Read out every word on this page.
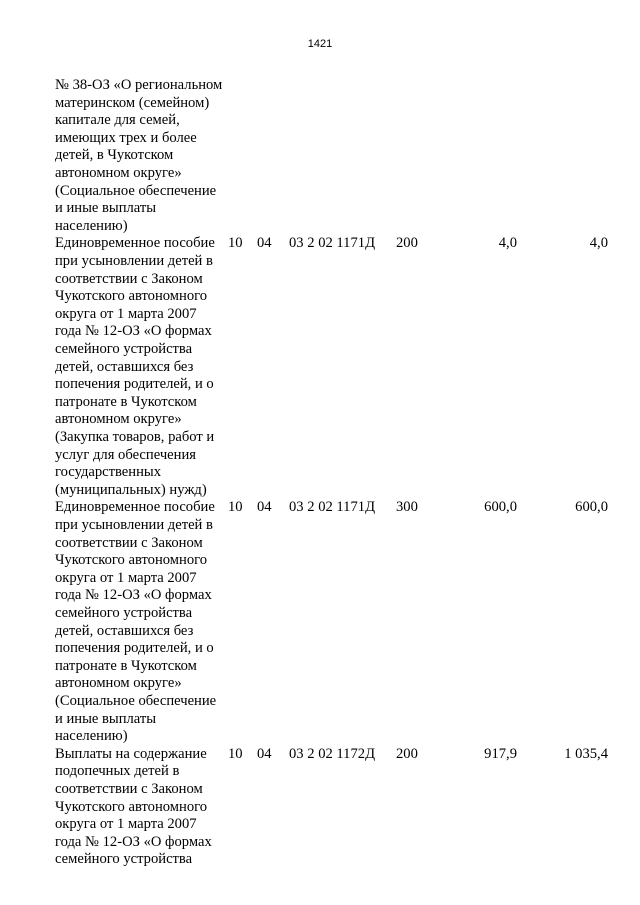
1421
№ 38-ОЗ «О региональном
материнском (семейном)
капитале для семей,
имеющих трех и более
детей, в Чукотском
автономном округе»
(Социальное обеспечение
и иные выплаты
населению)
Единовременное пособие
при усыновлении детей в
соответствии с Законом
Чукотского автономного
округа от 1 марта 2007
года № 12-ОЗ «О формах
семейного устройства
детей, оставшихся без
попечения родителей, и о
патронате в Чукотском
автономном округе»
(Закупка товаров, работ и
услуг для обеспечения
государственных
(муниципальных) нужд)
10 04 03 2 02 1171Д 200	4,0	4,0
Единовременное пособие
при усыновлении детей в
соответствии с Законом
Чукотского автономного
округа от 1 марта 2007
года № 12-ОЗ «О формах
семейного устройства
детей, оставшихся без
попечения родителей, и о
патронате в Чукотском
автономном округе»
(Социальное обеспечение
и иные выплаты
населению)
10 04 03 2 02 1171Д 300	600,0	600,0
Выплаты на содержание
подопечных детей в
соответствии с Законом
Чукотского автономного
округа от 1 марта 2007
года № 12-ОЗ «О формах
семейного устройства
10 04 03 2 02 1172Д 200	917,9	1 035,4
